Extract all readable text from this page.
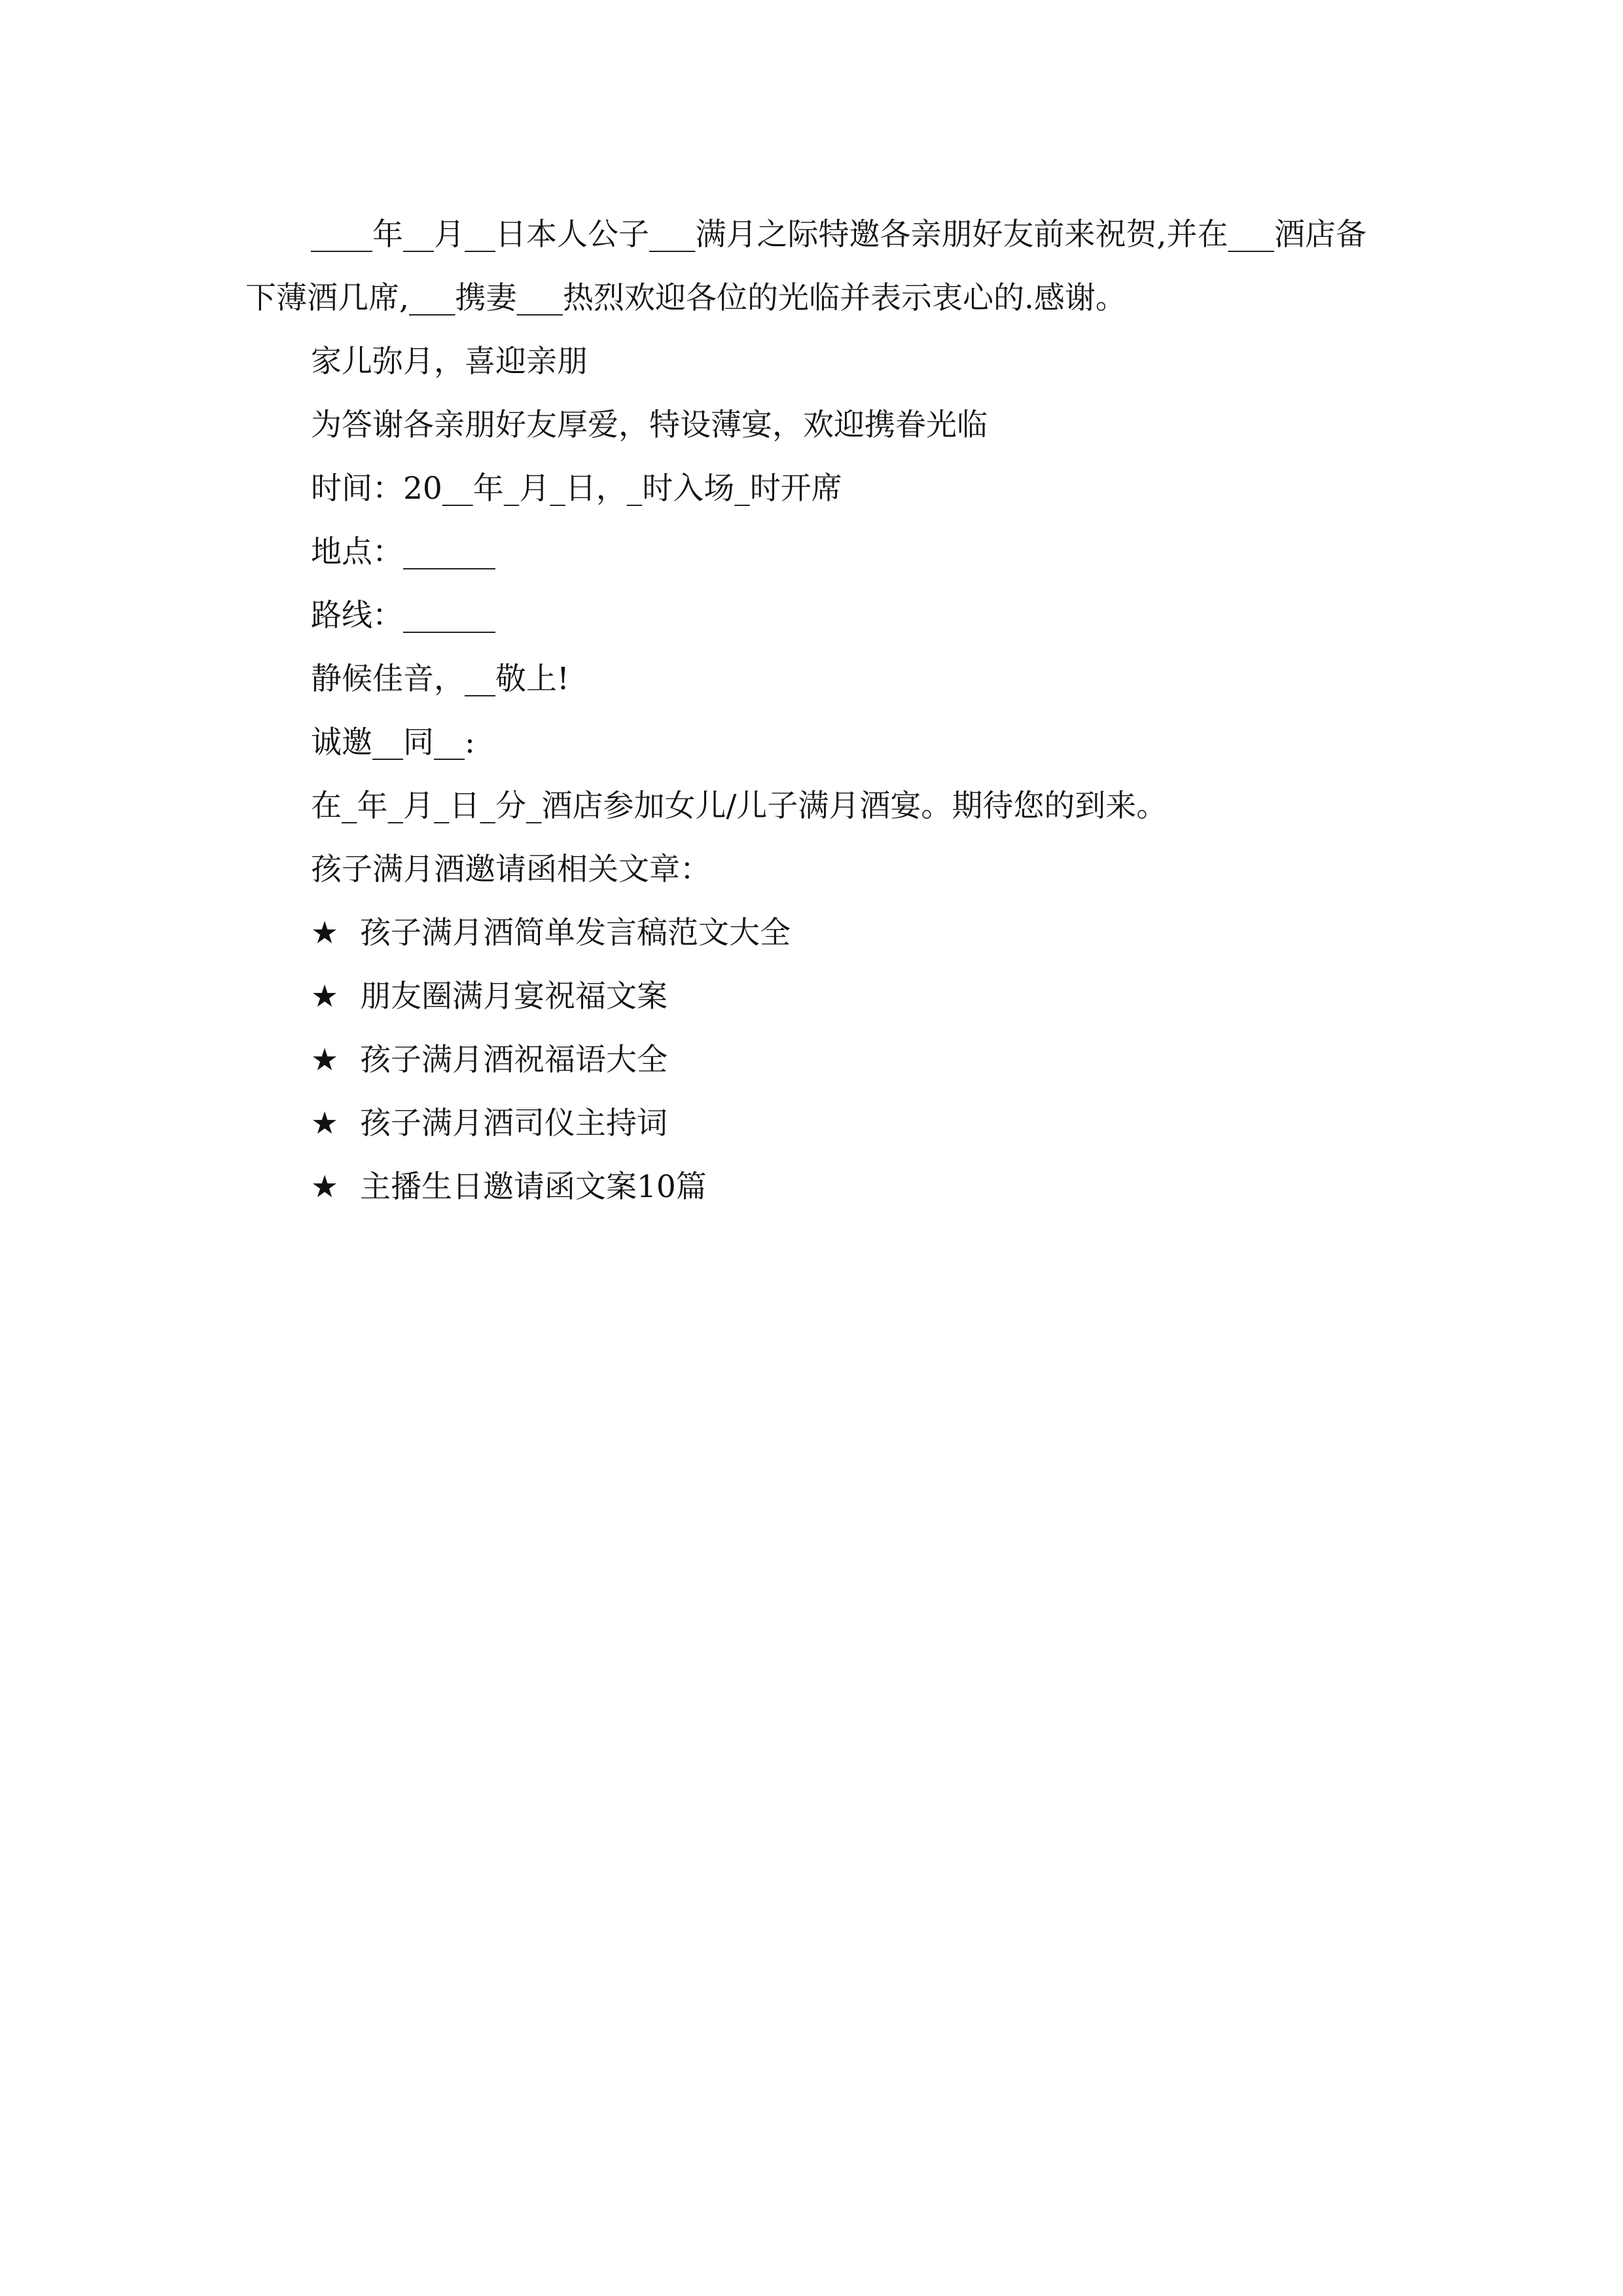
____年__月__日本人公子___满月之际特邀各亲朋好友前来祝贺,并在___酒店备下薄酒几席,___携妻___热烈欢迎各位的光临并表示衷心的.感谢。

家儿弥月，喜迎亲朋

为答谢各亲朋好友厚爱，特设薄宴，欢迎携眷光临

时间：20__年_月_日，_时入场_时开席

地点：______

路线：______

静候佳音，__敬上!

诚邀__同__:

在_年_月_日_分_酒店参加女儿/儿子满月酒宴。期待您的到来。

孩子满月酒邀请函相关文章：

★ 孩子满月酒简单发言稿范文大全
★ 朋友圈满月宴祝福文案
★ 孩子满月酒祝福语大全
★ 孩子满月酒司仪主持词
★ 主播生日邀请函文案10篇
